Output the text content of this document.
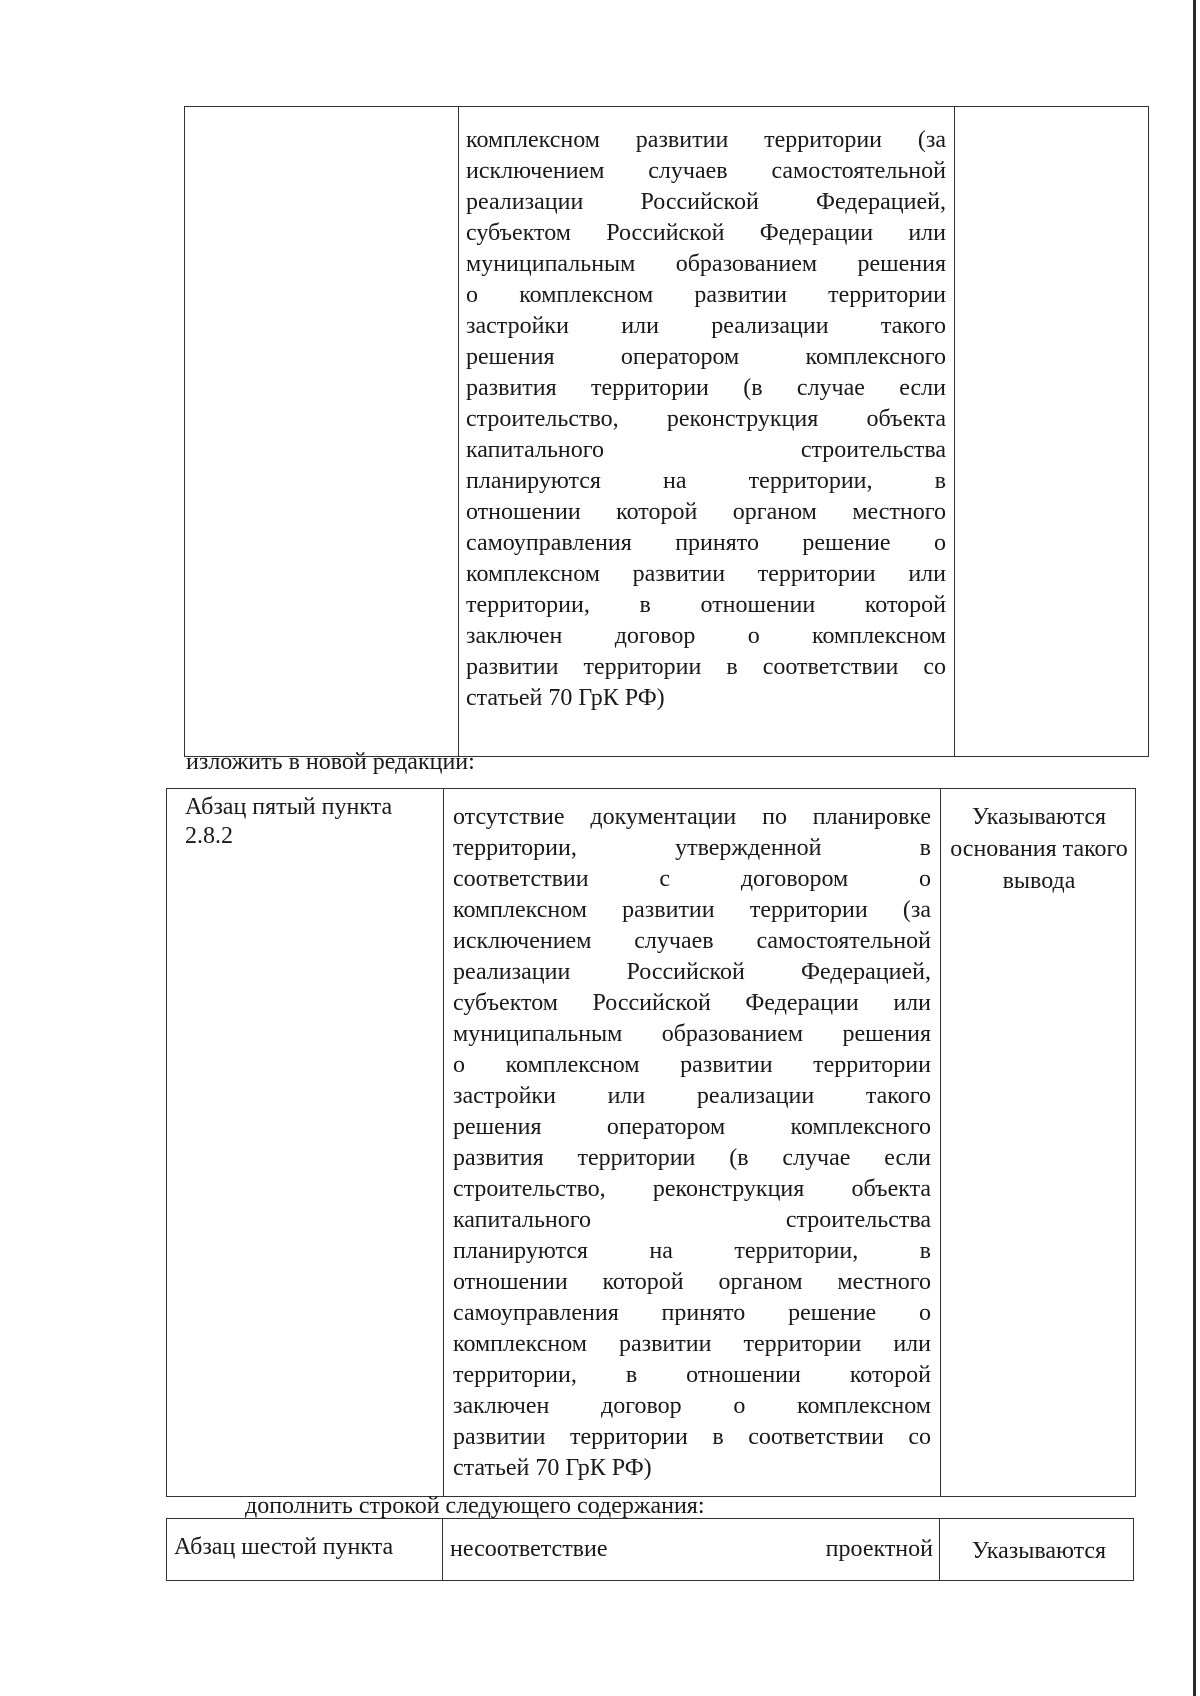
комплексном развитии территории (за
исключением случаев самостоятельной
реализации Российской Федерацией,
субъектом Российской Федерации или
муниципальным образованием решения
о комплексном развитии территории
застройки или реализации такого
решения оператором комплексного
развития территории (в случае если
строительство, реконструкция объекта
капитального строительства
планируются на территории, в
отношении которой органом местного
самоуправления принято решение о
комплексном развитии территории или
территории, в отношении которой
заключен договор о комплексном
развитии территории в соответствии со
статьей 70 ГрК РФ)
изложить в новой редакции:
Абзац пятый пункта 2.8.2
отсутствие документации по планировке
территории, утвержденной в
соответствии с договором о
комплексном развитии территории (за
исключением случаев самостоятельной
реализации Российской Федерацией,
субъектом Российской Федерации или
муниципальным образованием решения
о комплексном развитии территории
застройки или реализации такого
решения оператором комплексного
развития территории (в случае если
строительство, реконструкция объекта
капитального строительства
планируются на территории, в
отношении которой органом местного
самоуправления принято решение о
комплексном развитии территории или
территории, в отношении которой
заключен договор о комплексном
развитии территории в соответствии со
статьей 70 ГрК РФ)
Указываются основания такого вывода
дополнить строкой следующего содержания:
Абзац шестой пункта	несоответствие проектной	Указываются
